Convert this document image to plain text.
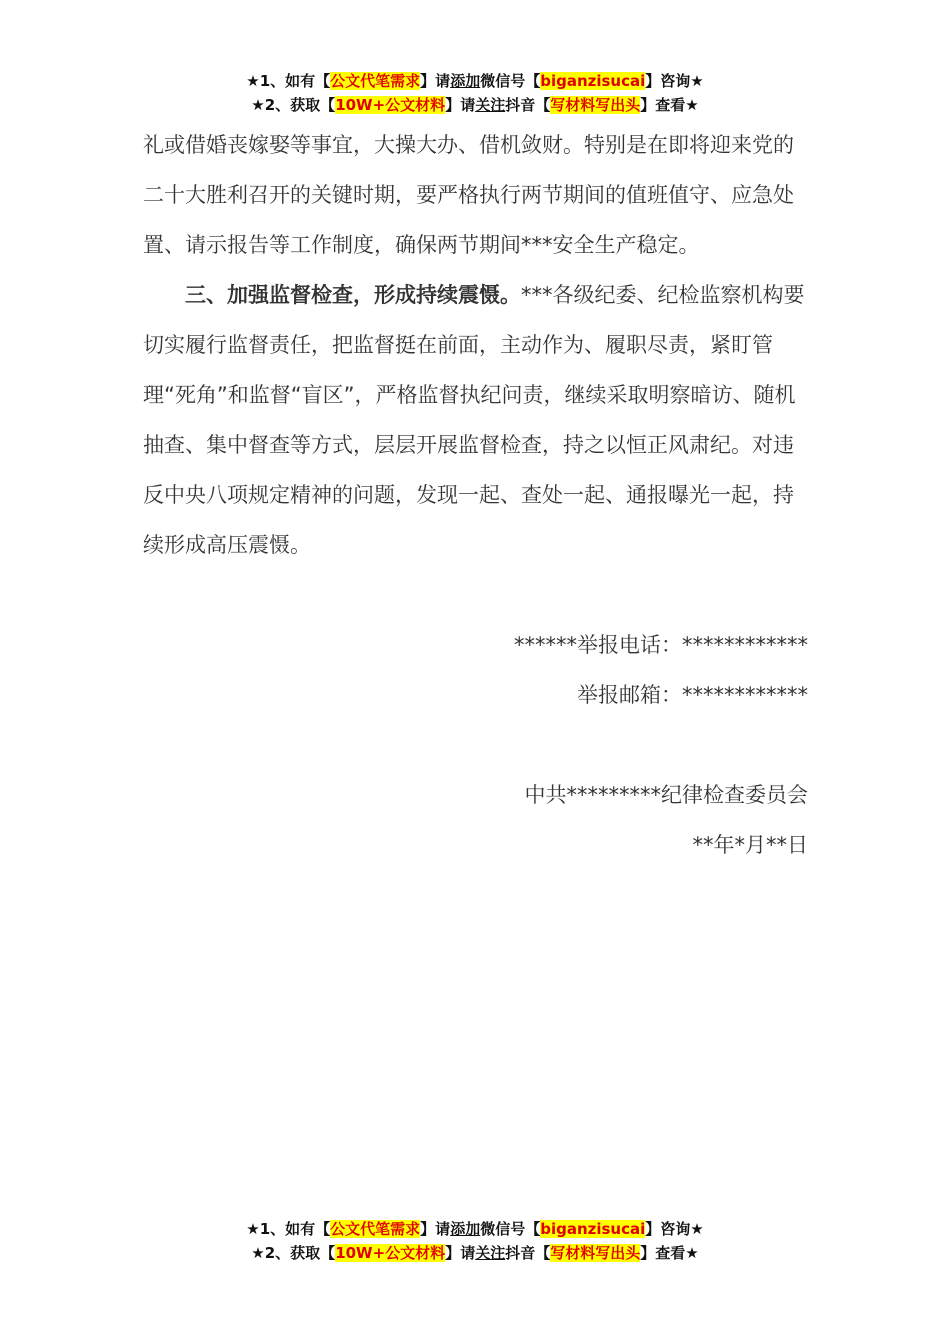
★1、如有【公文代笔需求】请添加微信号【biganzisucai】咨询★
★2、获取【10W+公文材料】请关注抖音【写材料写出头】查看★

礼或借婚丧嫁娶等事宜，大操大办、借机敛财。特别是在即将迎来党的二十大胜利召开的关键时期，要严格执行两节期间的值班值守、应急处置、请示报告等工作制度，确保两节期间***安全生产稳定。

三、加强监督检查，形成持续震慑。***各级纪委、纪检监察机构要切实履行监督责任，把监督挺在前面，主动作为、履职尽责，紧盯管理“死角”和监督“盲区”，严格监督执纪问责，继续采取明察暗访、随机抽查、集中督查等方式，层层开展监督检查，持之以恒正风肃纪。对违反中央八项规定精神的问题，发现一起、查处一起、通报曝光一起，持续形成高压震慑。

******举报电话：************

举报邮箱：************

中共*********纪律检查委员会

**年*月**日

★1、如有【公文代笔需求】请添加微信号【biganzisucai】咨询★
★2、获取【10W+公文材料】请关注抖音【写材料写出头】查看★
